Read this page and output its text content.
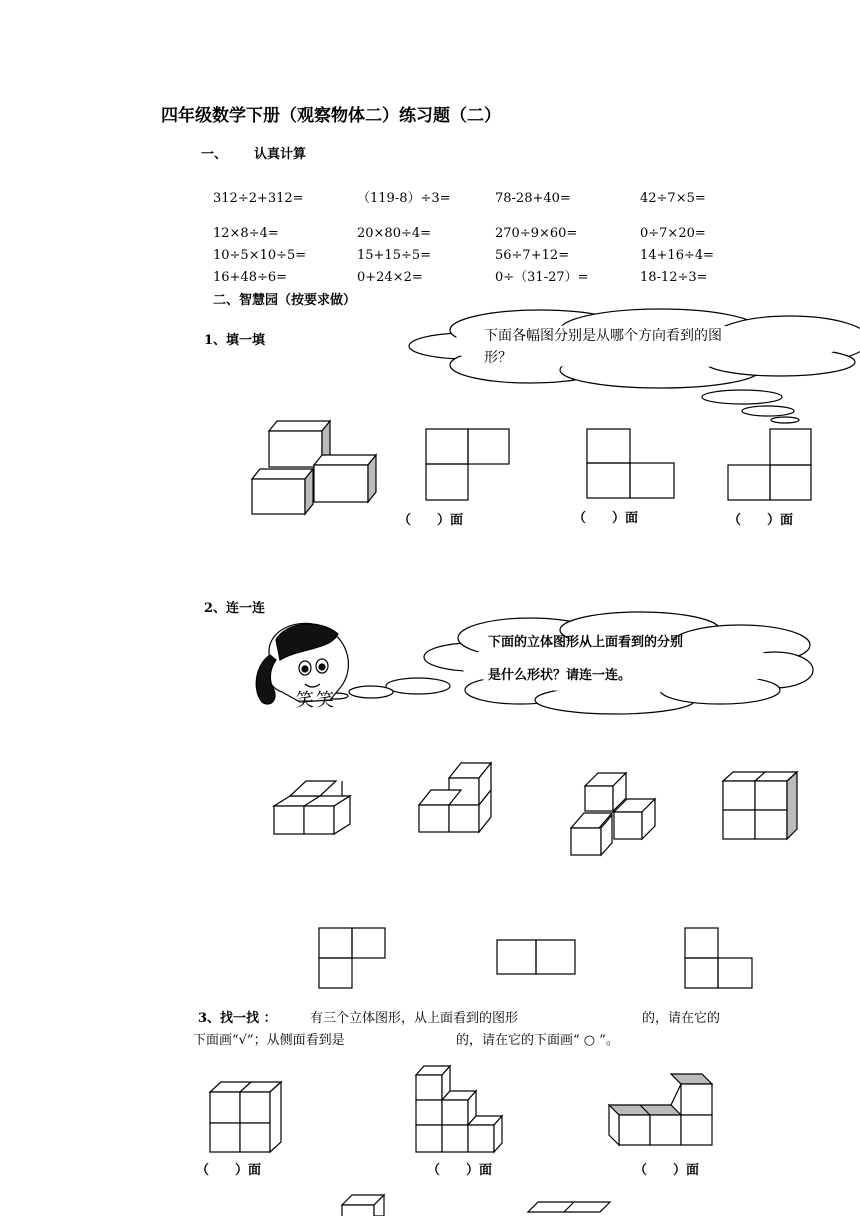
四年级数学下册（观察物体二）练习题（二）
一、 认真计算
312÷2+312=	（119-8）÷3=	78-28+40=	42÷7×5=
12×8÷4=	20×80÷4=	270÷9×60=	0÷7×20=
10÷5×10÷5=	15+15÷5=	56÷7+12=	14+16÷4=
16+48÷6=	0+24×2=	0÷（31-27）=	18-12÷3=
二、智慧园（按要求做）
1、填一填
2、连一连
笑笑
下面各幅图分别是从哪个方向看到的图
形？
（　　）面	（　　）面	（　　）面
下面的立体图形从上面看到的分别
是什么形状？请连一连。
3、找一找 ：	有三个立体图形，从上面看到的图形	的，请在它的
下面画“√”；从侧面看到是	的，请在它的下面画“ ○ ”。
（　　）面	（　　）面	（　　）面
